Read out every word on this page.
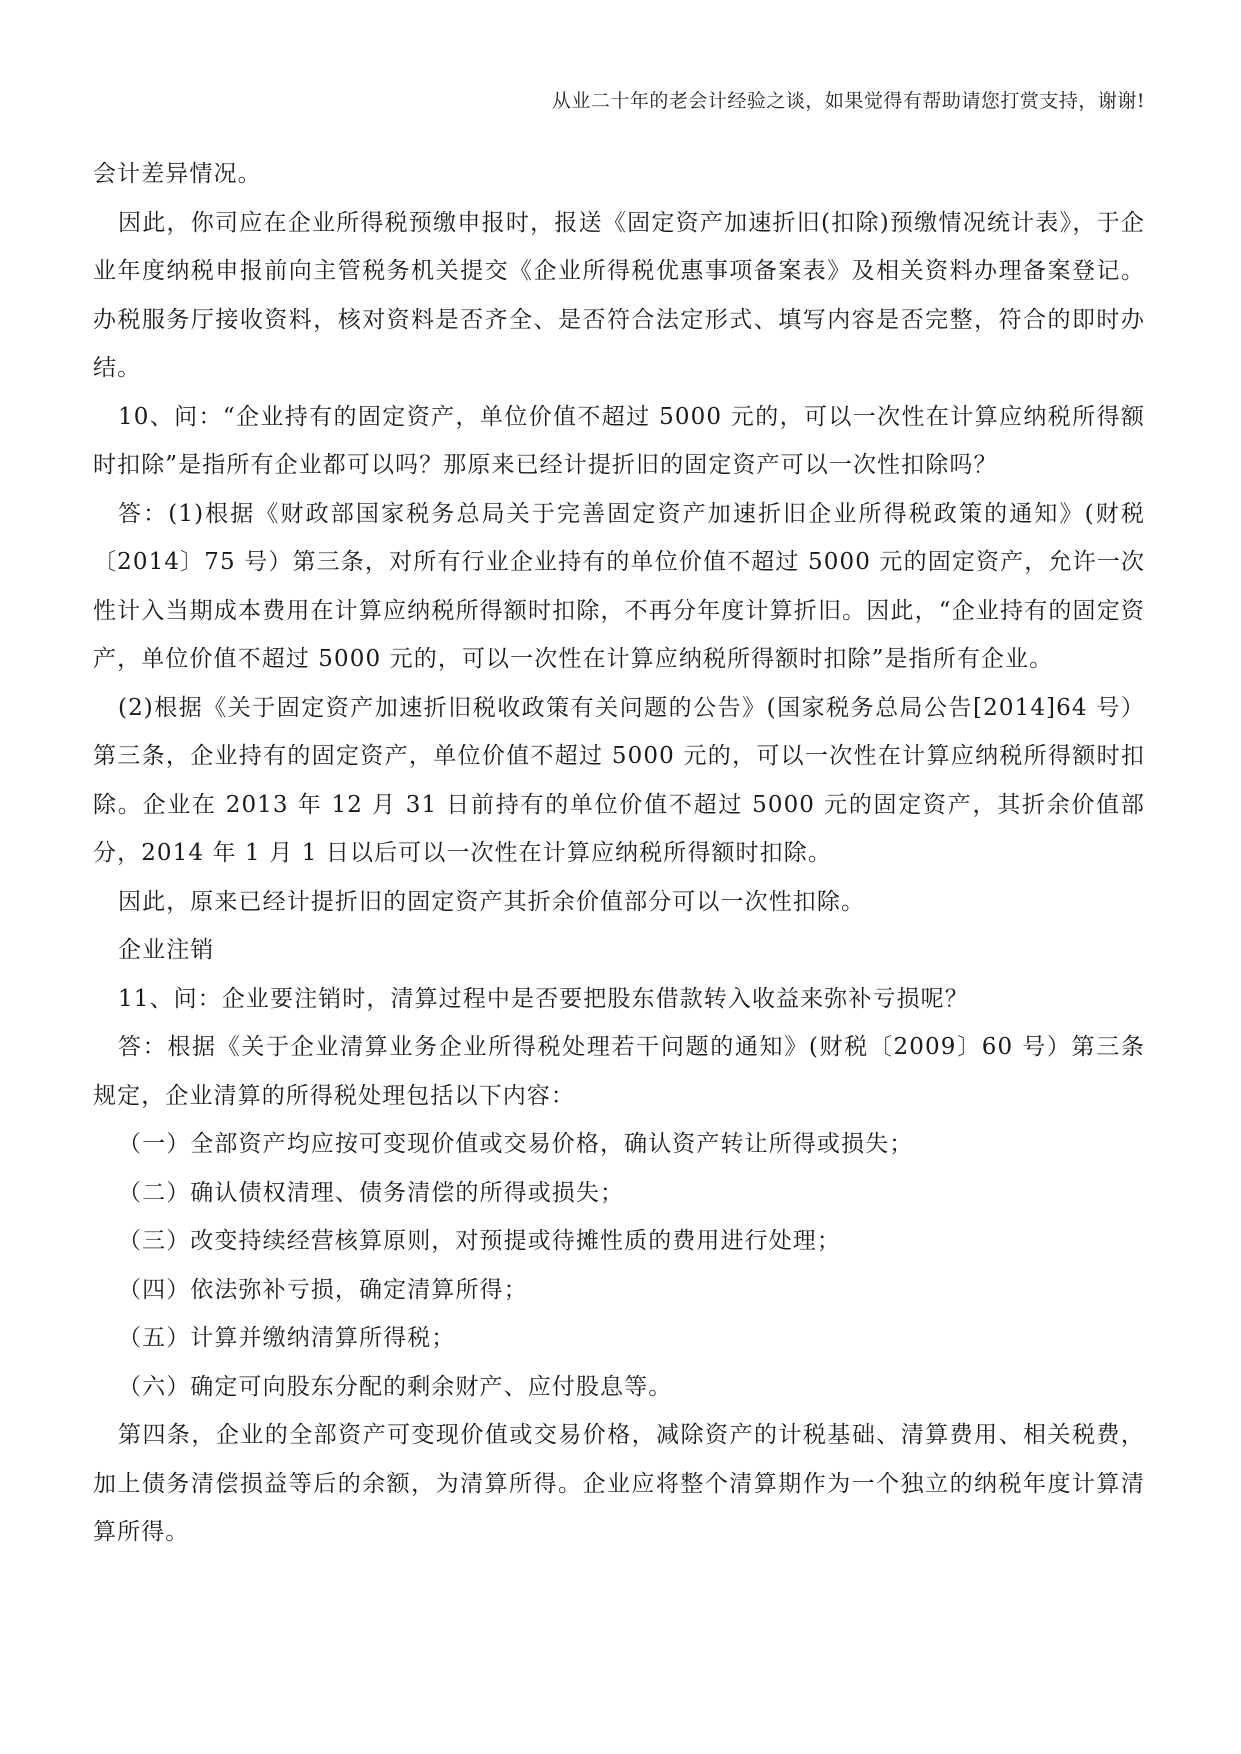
从业二十年的老会计经验之谈，如果觉得有帮助请您打赏支持，谢谢!

会计差异情况。

因此，你司应在企业所得税预缴申报时，报送《固定资产加速折旧(扣除)预缴情况统计表》，于企业年度纳税申报前向主管税务机关提交《企业所得税优惠事项备案表》及相关资料办理备案登记。办税服务厅接收资料，核对资料是否齐全、是否符合法定形式、填写内容是否完整，符合的即时办结。

10、问：“企业持有的固定资产，单位价值不超过 5000 元的，可以一次性在计算应纳税所得额时扣除”是指所有企业都可以吗？那原来已经计提折旧的固定资产可以一次性扣除吗？

答：(1)根据《财政部国家税务总局关于完善固定资产加速折旧企业所得税政策的通知》(财税〔2014〕75 号）第三条，对所有行业企业持有的单位价值不超过 5000 元的固定资产，允许一次性计入当期成本费用在计算应纳税所得额时扣除，不再分年度计算折旧。因此，“企业持有的固定资产，单位价值不超过 5000 元的，可以一次性在计算应纳税所得额时扣除”是指所有企业。

(2)根据《关于固定资产加速折旧税收政策有关问题的公告》(国家税务总局公告[2014]64 号）第三条，企业持有的固定资产，单位价值不超过 5000 元的，可以一次性在计算应纳税所得额时扣除。企业在 2013 年 12 月 31 日前持有的单位价值不超过 5000 元的固定资产，其折余价值部分，2014 年 1 月 1 日以后可以一次性在计算应纳税所得额时扣除。

因此，原来已经计提折旧的固定资产其折余价值部分可以一次性扣除。

企业注销

11、问：企业要注销时，清算过程中是否要把股东借款转入收益来弥补亏损呢？

答：根据《关于企业清算业务企业所得税处理若干问题的通知》(财税〔2009〕60 号）第三条规定，企业清算的所得税处理包括以下内容：

（一）全部资产均应按可变现价值或交易价格，确认资产转让所得或损失；

（二）确认债权清理、债务清偿的所得或损失；

（三）改变持续经营核算原则，对预提或待摊性质的费用进行处理；

（四）依法弥补亏损，确定清算所得；

（五）计算并缴纳清算所得税；

（六）确定可向股东分配的剩余财产、应付股息等。

第四条，企业的全部资产可变现价值或交易价格，减除资产的计税基础、清算费用、相关税费，加上债务清偿损益等后的余额，为清算所得。企业应将整个清算期作为一个独立的纳税年度计算清算所得。
